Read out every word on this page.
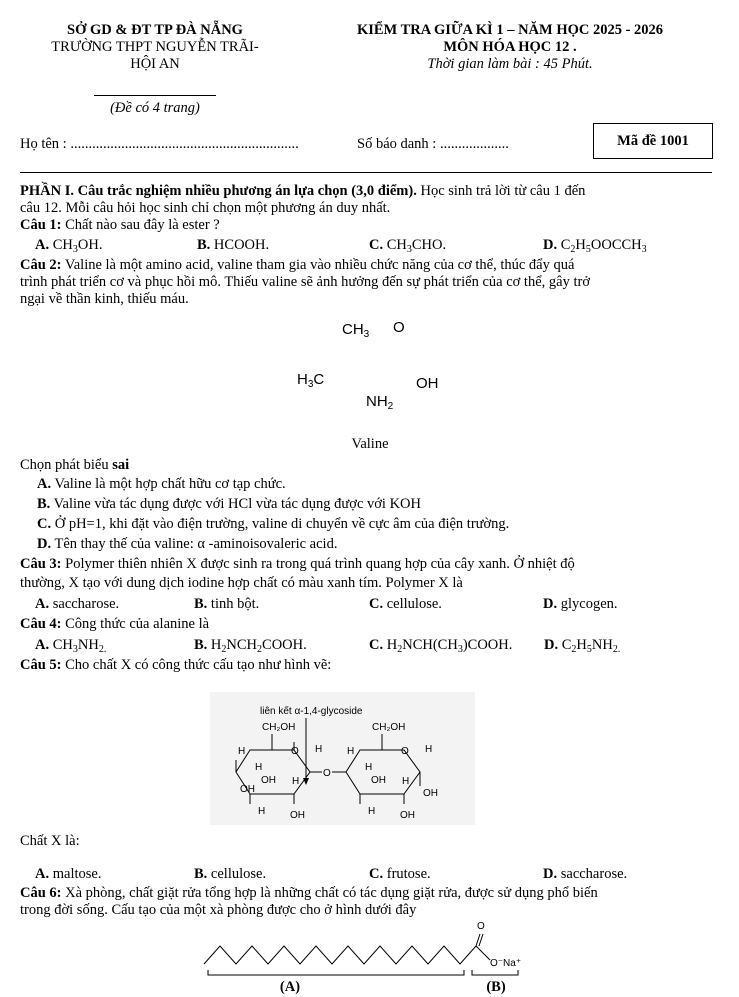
SỞ GD & ĐT TP ĐÀ NẴNG
TRƯỜNG THPT NGUYỄN TRÃI-
HỘI AN
KIỂM TRA GIỮA KÌ 1 – NĂM HỌC 2025 - 2026
MÔN HÓA HỌC 12 .
Thời gian làm bài : 45 Phút.
(Đề có 4 trang)
Họ tên : ...............................................................	Số báo danh : ...................	Mã đề 1001
PHẦN I. Câu trắc nghiệm nhiều phương án lựa chọn (3,0 điểm). Học sinh trả lời từ câu 1 đến
câu 12. Mỗi câu hỏi học sinh chỉ chọn một phương án duy nhất.
Câu 1: Chất nào sau đây là ester ?
A. $CH_3OH$.	B. HCOOH.	C. $CH_3CHO$.	D. $C_2H_5OOCCH_3$
Câu 2: Valine là một amino acid, valine tham gia vào nhiều chức năng của cơ thể, thúc đẩy quá
trình phát triển cơ và phục hồi mô. Thiếu valine sẽ ảnh hưởng đến sự phát triển của cơ thể, gây trở
ngại về thần kinh, thiếu máu.
$CH_3$ O
$H_3C$	OH
$NH_2$
Valine
Chọn phát biểu sai
A. Valine là một hợp chất hữu cơ tạp chức.
B. Valine vừa tác dụng được với HCl vừa tác dụng được với KOH
C. Ở pH=1, khi đặt vào điện trường, valine di chuyển về cực âm của điện trường.
D. Tên thay thế của valine: α -aminoisovaleric acid.
Câu 3: Polymer thiên nhiên X được sinh ra trong quá trình quang hợp của cây xanh. Ở nhiệt độ
thường, X tạo với dung dịch iodine hợp chất có màu xanh tím. Polymer X là
A. saccharose.	B. tinh bột.	C. cellulose.	D. glycogen.
Câu 4: Công thức của alanine là
A. $CH_3NH_{2.}$	B. $H_2NCH_2COOH$.	C. $H_2NCH(CH_3)COOH$. D. $C_2H_5NH_{2.}$
Câu 5: Cho chất X có công thức cấu tạo như hình vẽ:
liên kết α-1,4-glycoside
CH₂OH
O H
H
H
OH H
OH
H OH
O
CH₂OH
O H
H
H
OH H
OH
H OH
Chất X là:
A. maltose.	B. cellulose.	C. frutose.	D. saccharose.
Câu 6: Xà phòng, chất giặt rửa tổng hợp là những chất có tác dụng giặt rửa, được sử dụng phổ biến
trong đời sống. Cấu tạo của một xà phòng được cho ở hình dưới đây
O
O⁻Na⁺
(A)	(B)
